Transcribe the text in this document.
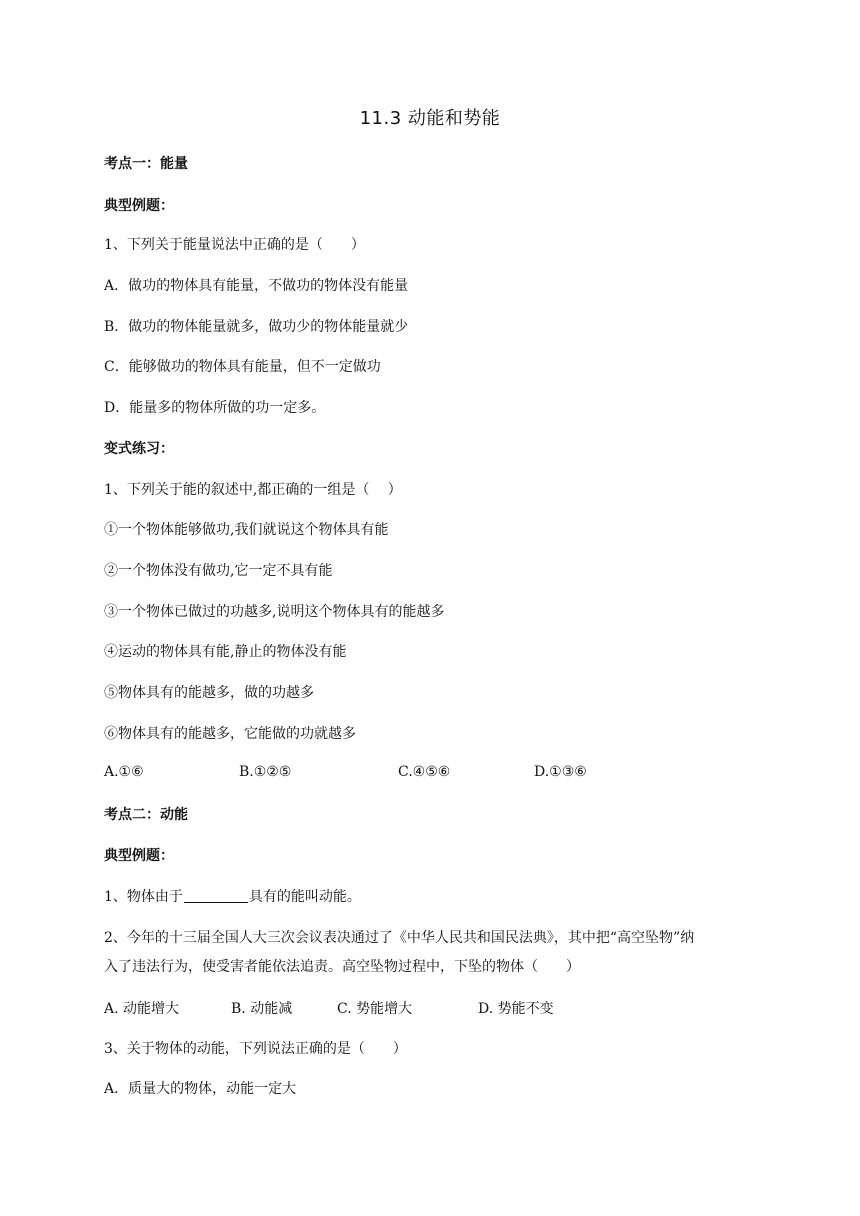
11.3 动能和势能
考点一：能量
典型例题：
1、下列关于能量说法中正确的是（　　）
A．做功的物体具有能量，不做功的物体没有能量
B．做功的物体能量就多，做功少的物体能量就少
C．能够做功的物体具有能量，但不一定做功
D．能量多的物体所做的功一定多。
变式练习：
1、下列关于能的叙述中,都正确的一组是（　 ）
①一个物体能够做功,我们就说这个物体具有能
②一个物体没有做功,它一定不具有能
③一个物体已做过的功越多,说明这个物体具有的能越多
④运动的物体具有能,静止的物体没有能
⑤物体具有的能越多，做的功越多
⑥物体具有的能越多，它能做的功就越多
A.①⑥	B.①②⑤	C.④⑤⑥	D.①③⑥
考点二：动能
典型例题：
1、物体由于	具有的能叫动能。
2、今年的十三届全国人大三次会议表决通过了《中华人民共和国民法典》，其中把“高空坠物”纳
入了违法行为，使受害者能依法追责。高空坠物过程中，下坠的物体（　　）
A. 动能增大	B. 动能减	C. 势能增大	D. 势能不变
3、关于物体的动能，下列说法正确的是（　　）
A．质量大的物体，动能一定大
